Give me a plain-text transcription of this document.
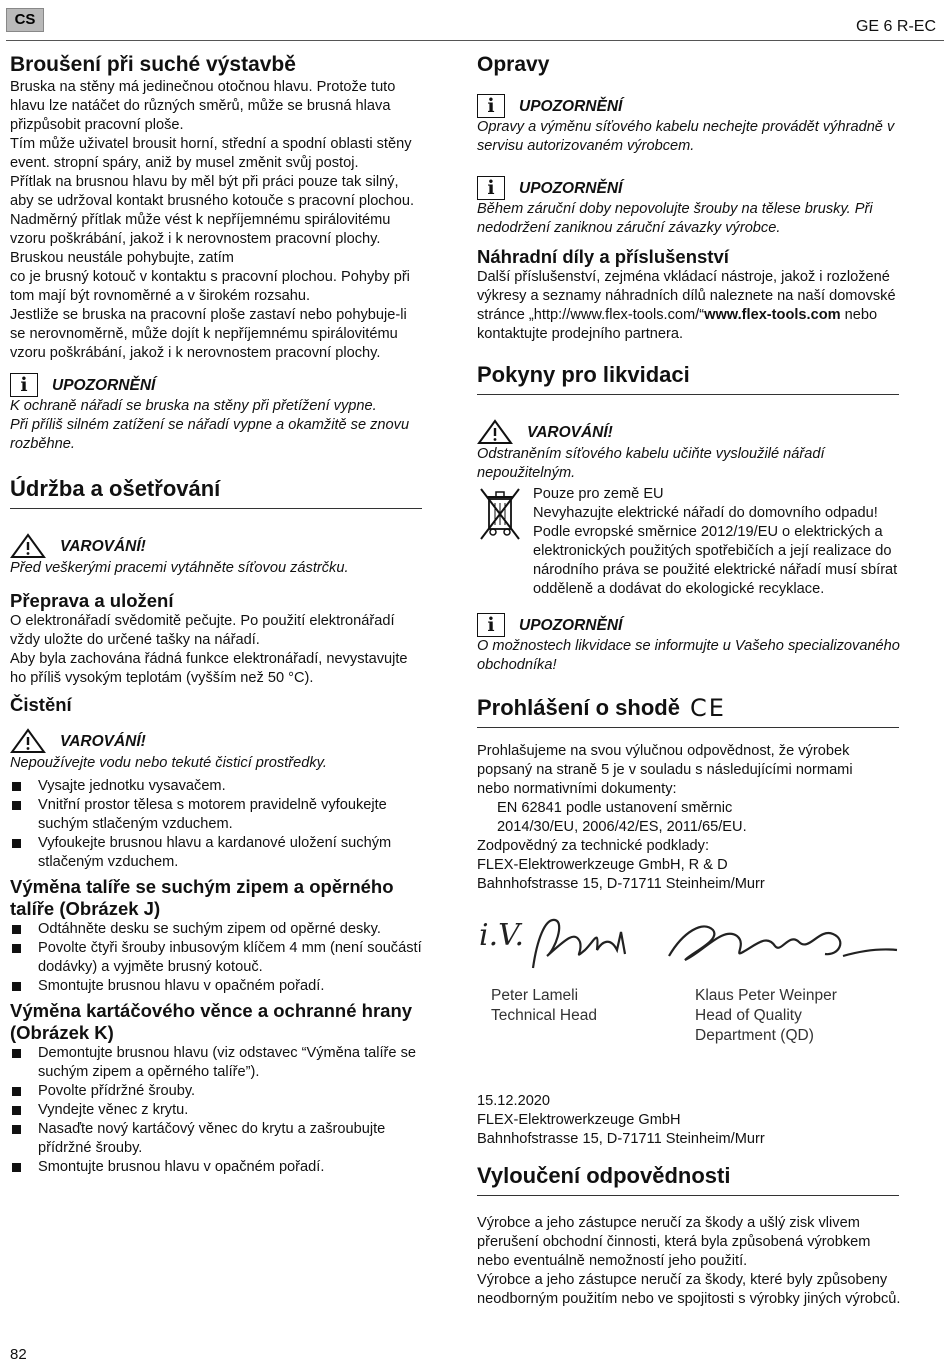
CS	GE 6 R-EC
Broušení při suché výstavbě

Bruska na stěny má jedinečnou otočnou hlavu. Protože tuto

hlavu lze natáčet do různých směrů, může se brusná hlava

přizpůsobit pracovní ploše.

Tím může uživatel brousit horní, střední a spodní oblasti stěny

event. stropní spáry, aniž by musel změnit svůj postoj.

Přítlak na brusnou hlavu by měl být při práci pouze tak silný,

aby se udržoval kontakt brusného kotouče s pracovní plochou.

Nadměrný přítlak může vést k nepříjemnému spirálovitému

vzoru poškrábání, jakož i k nerovnostem pracovní plochy.

Bruskou neustále pohybujte, zatím

co je brusný kotouč v kontaktu s pracovní plochou. Pohyby při

tom mají být rovnoměrné a v širokém rozsahu.

Jestliže se bruska na pracovní ploše zastaví nebo pohybuje-li

se nerovnoměrně, může dojít k nepříjemnému spirálovitému

vzoru poškrábání, jakož i k nerovnostem pracovní plochy.

i	UPOZORNĚNÍ

K ochraně nářadí se bruska na stěny při přetížení vypne.

Při příliš silném zatížení se nářadí vypne a okamžitě se znovu

rozběhne.

Údržba a ošetřování
VAROVÁNÍ!

Před veškerými pracemi vytáhněte síťovou zástrčku.

Přeprava a uložení

O elektronářadí svědomitě pečujte. Po použití elektronářadí

vždy uložte do určené tašky na nářadí.

Aby byla zachována řádná funkce elektronářadí, nevystavujte

ho příliš vysokým teplotám (vyšším než 50 °C).

Čistění
VAROVÁNÍ!

Nepoužívejte vodu nebo tekuté čisticí prostředky.

Vysajte jednotku vysavačem.
Vnitřní prostor tělesa s motorem pravidelně vyfoukejte suchým stlačeným vzduchem.
Vyfoukejte brusnou hlavu a kardanové uložení suchým stlačeným vzduchem.
Výměna talíře se suchým zipem a opěrného talíře (Obrázek J)
Odtáhněte desku se suchým zipem od opěrné desky.
Povolte čtyři šrouby inbusovým klíčem 4 mm (není součástí dodávky) a vyjměte brusný kotouč.
Smontujte brusnou hlavu v opačném pořadí.
Výměna kartáčového věnce a ochranné hrany (Obrázek K)
Demontujte brusnou hlavu (viz odstavec “Výměna talíře se suchým zipem a opěrného talíře”).
Povolte přídržné šrouby.
Vyndejte věnec z krytu.
Nasaďte nový kartáčový věnec do krytu a zašroubujte přídržné šrouby.
Smontujte brusnou hlavu v opačném pořadí.
Opravy
i	UPOZORNĚNÍ

Opravy a výměnu síťového kabelu nechejte provádět výhradně v servisu autorizovaném výrobcem.

i	UPOZORNĚNÍ

Během záruční doby nepovolujte šrouby na tělese brusky. Při nedodržení zaniknou záruční závazky výrobce.

Náhradní díly a příslušenství

Další příslušenství, zejména vkládací nástroje, jakož i rozložené výkresy a seznamy náhradních dílů naleznete na naší domovské stránce „http://www.flex-tools.com/“www.flex-tools.com nebo kontaktujte prodejního partnera.

Pokyny pro likvidaci
VAROVÁNÍ!

Odstraněním síťového kabelu učiňte vysloužilé nářadí nepoužitelným.

Pouze pro země EU

Nevyhazujte elektrické nářadí do domovního odpadu! Podle evropské směrnice 2012/19/EU o elektrických a elektronických použitých spotřebičích a její realizace do národního práva se použité elektrické nářadí musí sbírat odděleně a dodávat do ekologické recyklace.

i	UPOZORNĚNÍ

O možnostech likvidace se informujte u Vašeho specializovaného obchodníka!

Prohlášení o shodě CE

Prohlašujeme na svou výlučnou odpovědnost, že výrobek

popsaný na straně 5 je v souladu s následujícími normami

nebo normativními dokumenty:

EN 62841 podle ustanovení směrnic

2014/30/EU, 2006/42/ES, 2011/65/EU.

Zodpovědný za technické podklady:

FLEX-Elektrowerkzeuge GmbH, R & D

Bahnhofstrasse 15, D-71711 Steinheim/Murr

i.V.
Peter Lameli
Technical Head
Klaus Peter Weinper
Head of Quality
Department (QD)

15.12.2020

FLEX-Elektrowerkzeuge GmbH

Bahnhofstrasse 15, D-71711 Steinheim/Murr

Vyloučení odpovědnosti

Výrobce a jeho zástupce neručí za škody a ušlý zisk vlivem

přerušení obchodní činnosti, která byla způsobená výrobkem

nebo eventuálně nemožností jeho použití.

Výrobce a jeho zástupce neručí za škody, které byly způsobeny

neodborným použitím nebo ve spojitosti s výrobky jiných výrobců.

82
